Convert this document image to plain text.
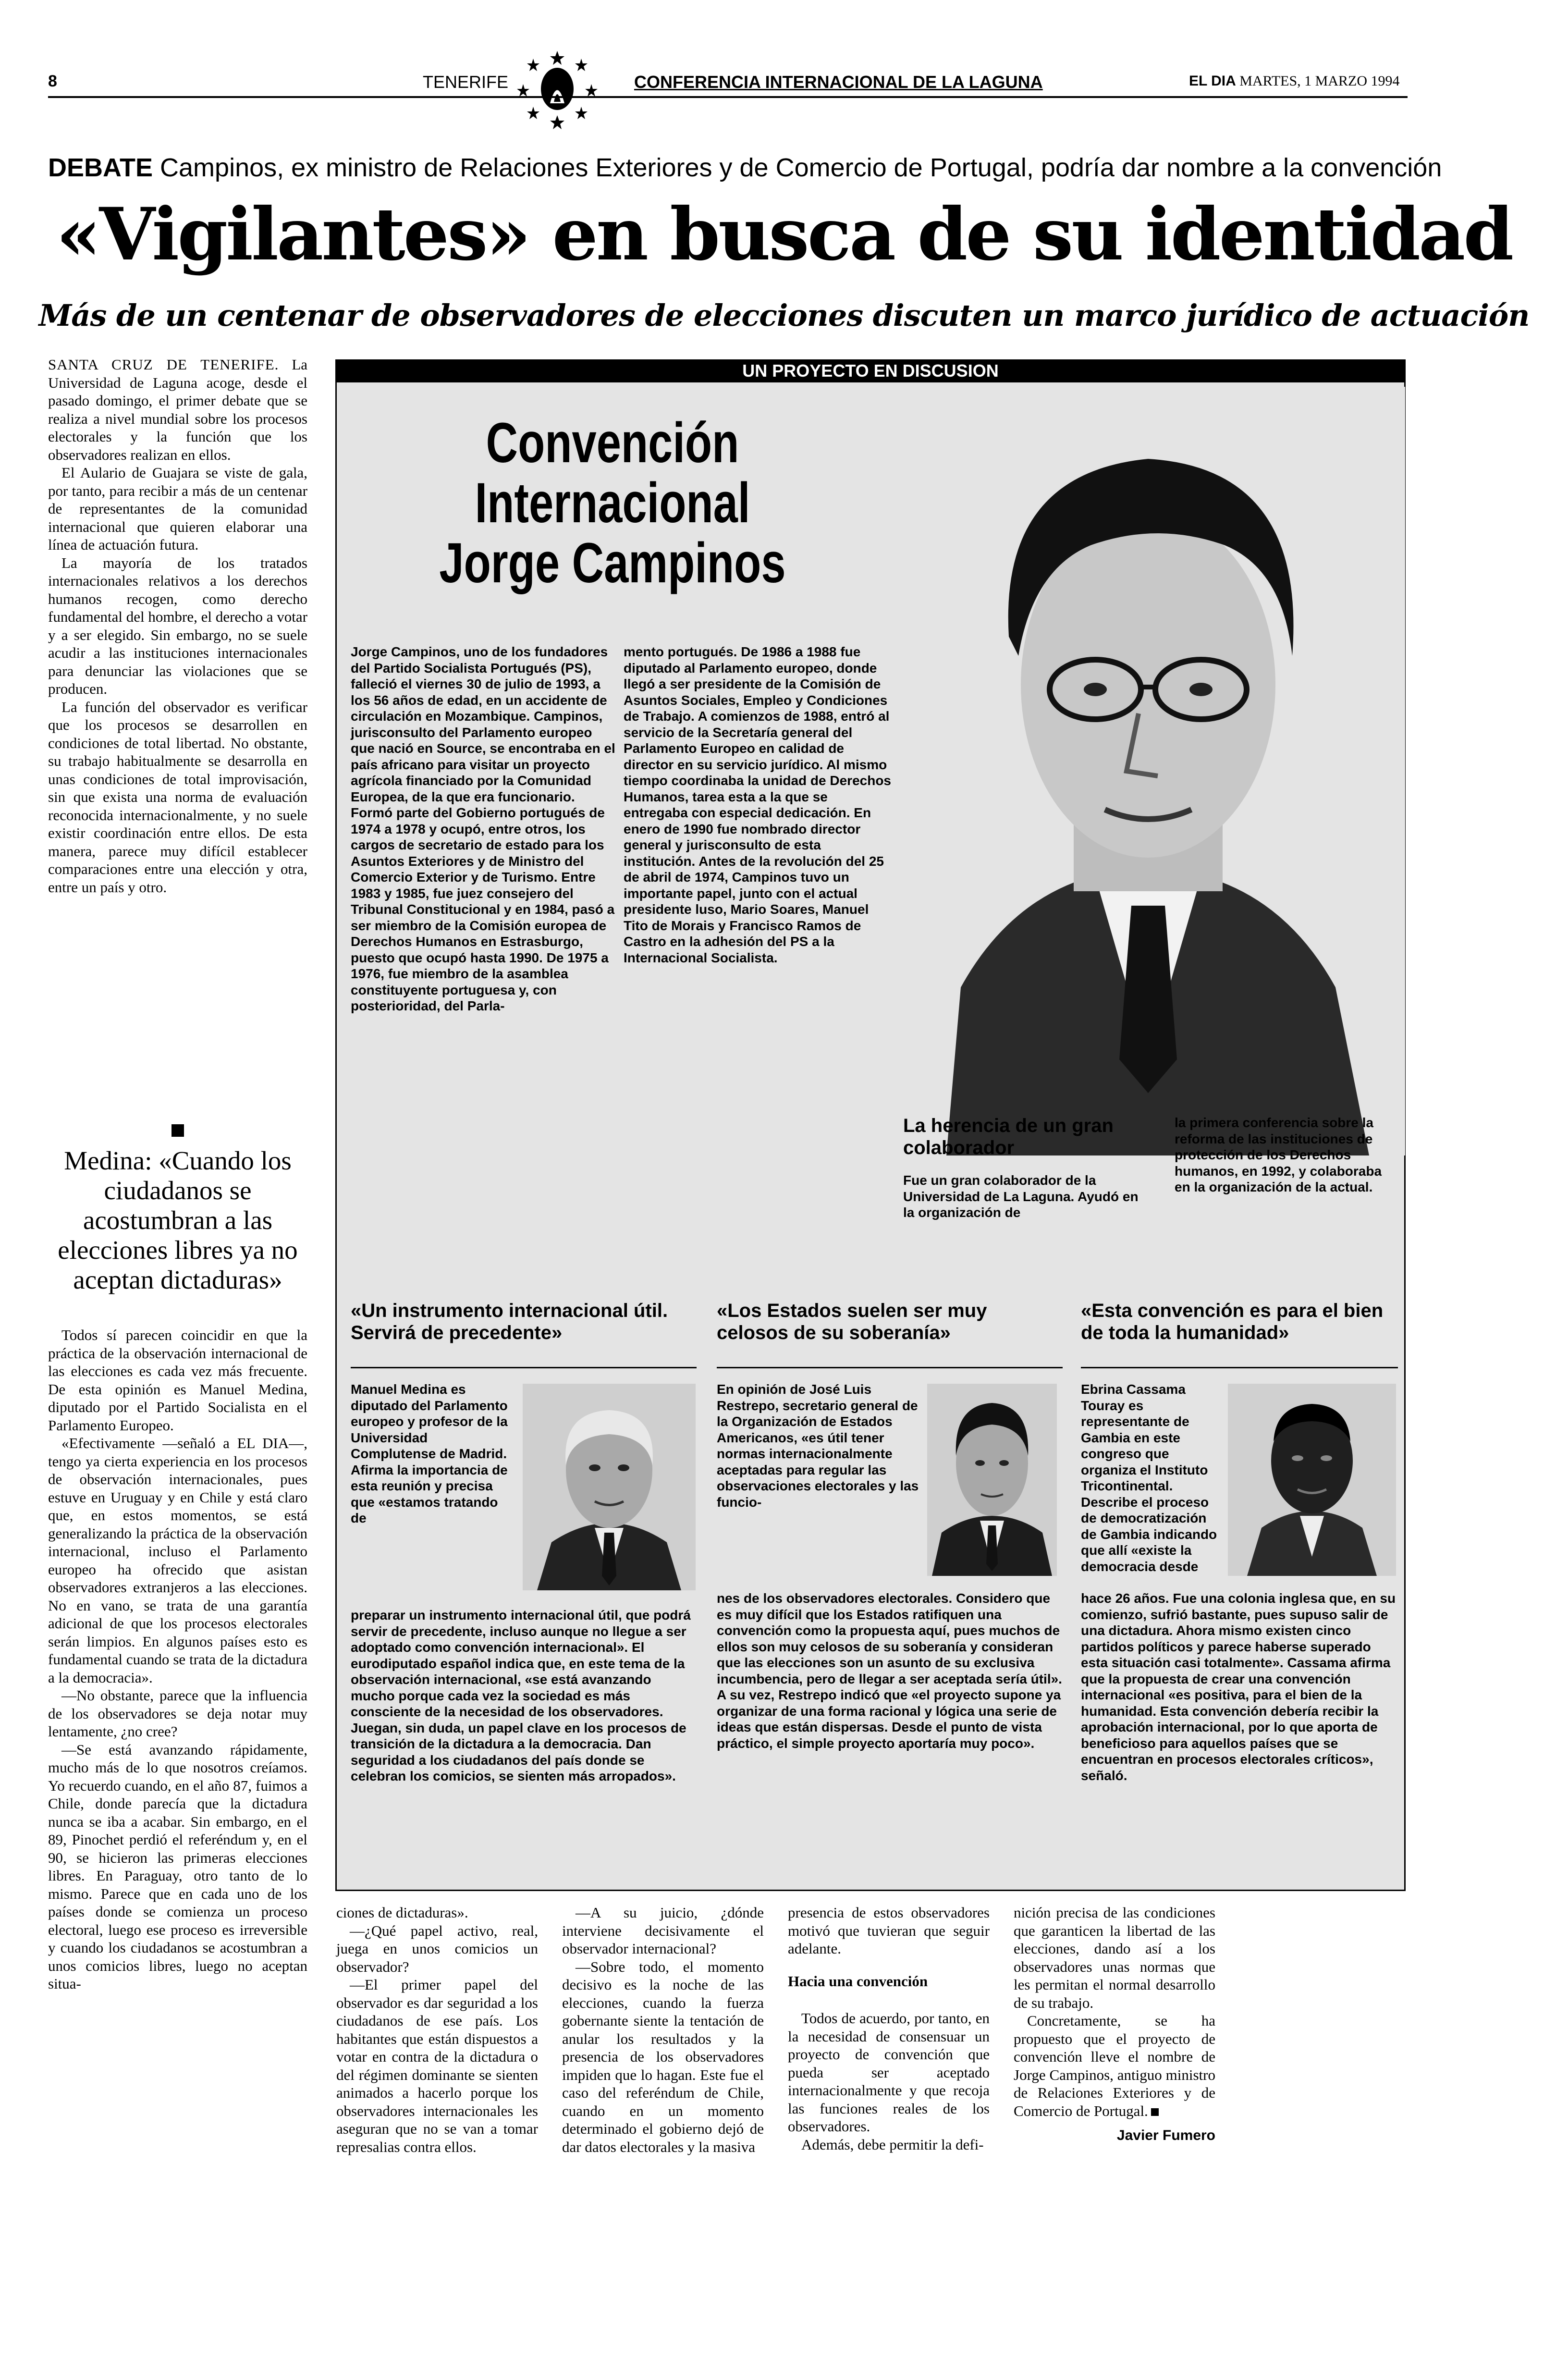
8	TENERIFE	CONFERENCIA INTERNACIONAL DE LA LAGUNA	EL DIA MARTES, 1 MARZO 1994
DEBATE Campinos, ex ministro de Relaciones Exteriores y de Comercio de Portugal, podría dar nombre a la convención
«Vigilantes» en busca de su identidad
Más de un centenar de observadores de elecciones discuten un marco jurídico de actuación

SANTA CRUZ DE TENERIFE. La Universidad de Laguna acoge, desde el pasado domingo, el primer debate que se realiza a nivel mundial sobre los procesos electorales y la función que los observadores realizan en ellos.

El Aulario de Guajara se viste de gala, por tanto, para recibir a más de un centenar de representantes de la comunidad internacional que quieren elaborar una línea de actuación futura.

La mayoría de los tratados internacionales relativos a los derechos humanos recogen, como derecho fundamental del hombre, el derecho a votar y a ser elegido. Sin embargo, no se suele acudir a las instituciones internacionales para denunciar las violaciones que se producen.

La función del observador es verificar que los procesos se desarrollen en condiciones de total libertad. No obstante, su trabajo habitualmente se desarrolla en unas condiciones de total improvisación, sin que exista una norma de evaluación reconocida internacionalmente, y no suele existir coordinación entre ellos. De esta manera, parece muy difícil establecer comparaciones entre una elección y otra, entre un país y otro.

Medina: «Cuando los ciudadanos se acostumbran a las elecciones libres ya no aceptan dictaduras»

Todos sí parecen coincidir en que la práctica de la observación internacional de las elecciones es cada vez más frecuente. De esta opinión es Manuel Medina, diputado por el Partido Socialista en el Parlamento Europeo.

«Efectivamente —señaló a EL DIA—, tengo ya cierta experiencia en los procesos de observación internacionales, pues estuve en Uruguay y en Chile y está claro que, en estos momentos, se está generalizando la práctica de la observación internacional, incluso el Parlamento europeo ha ofrecido que asistan observadores extranjeros a las elecciones. No en vano, se trata de una garantía adicional de que los procesos electorales serán limpios. En algunos países esto es fundamental cuando se trata de la dictadura a la democracia».

—No obstante, parece que la influencia de los observadores se deja notar muy lentamente, ¿no cree?

—Se está avanzando rápidamente, mucho más de lo que nosotros creíamos. Yo recuerdo cuando, en el año 87, fuimos a Chile, donde parecía que la dictadura nunca se iba a acabar. Sin embargo, en el 89, Pinochet perdió el referéndum y, en el 90, se hicieron las primeras elecciones libres. En Paraguay, otro tanto de lo mismo. Parece que en cada uno de los países donde se comienza un proceso electoral, luego ese proceso es irreversible y cuando los ciudadanos se acostumbran a unos comicios libres, luego no aceptan situa-

UN PROYECTO EN DISCUSION
Convención
Internacional
Jorge Campinos
Jorge Campinos, uno de los fundadores del Partido Socialista Portugués (PS), falleció el viernes 30 de julio de 1993, a los 56 años de edad, en un accidente de circulación en Mozambique. Campinos, jurisconsulto del Parlamento europeo que nació en Source, se encontraba en el país africano para visitar un proyecto agrícola financiado por la Comunidad Europea, de la que era funcionario. Formó parte del Gobierno portugués de 1974 a 1978 y ocupó, entre otros, los cargos de secretario de estado para los Asuntos Exteriores y de Ministro del Comercio Exterior y de Turismo. Entre 1983 y 1985, fue juez consejero del Tribunal Constitucional y en 1984, pasó a ser miembro de la Comisión europea de Derechos Humanos en Estrasburgo, puesto que ocupó hasta 1990. De 1975 a 1976, fue miembro de la asamblea constituyente portuguesa y, con posterioridad, del Parla-
mento portugués. De 1986 a 1988 fue diputado al Parlamento europeo, donde llegó a ser presidente de la Comisión de Asuntos Sociales, Empleo y Condiciones de Trabajo. A comienzos de 1988, entró al servicio de la Secretaría general del Parlamento Europeo en calidad de director en su servicio jurídico. Al mismo tiempo coordinaba la unidad de Derechos Humanos, tarea esta a la que se entregaba con especial dedicación. En enero de 1990 fue nombrado director general y jurisconsulto de esta institución. Antes de la revolución del 25 de abril de 1974, Campinos tuvo un importante papel, junto con el actual presidente luso, Mario Soares, Manuel Tito de Morais y Francisco Ramos de Castro en la adhesión del PS a la Internacional Socialista.
La herencia de un gran colaborador
Fue un gran colaborador de la Universidad de La Laguna. Ayudó en la organización de
la primera conferencia sobre la reforma de las instituciones de protección de los Derechos humanos, en 1992, y colaboraba en la organización de la actual.
«Un instrumento internacional útil. Servirá de precedente»
Manuel Medina es diputado del Parlamento europeo y profesor de la Universidad Complutense de Madrid. Afirma la importancia de esta reunión y precisa que «estamos tratando de
preparar un instrumento internacional útil, que podrá servir de precedente, incluso aunque no llegue a ser adoptado como convención internacional». El eurodiputado español indica que, en este tema de la observación internacional, «se está avanzando mucho porque cada vez la sociedad es más consciente de la necesidad de los observadores. Juegan, sin duda, un papel clave en los procesos de transición de la dictadura a la democracia. Dan seguridad a los ciudadanos del país donde se celebran los comicios, se sienten más arropados».
«Los Estados suelen ser muy celosos de su soberanía»
En opinión de José Luis Restrepo, secretario general de la Organización de Estados Americanos, «es útil tener normas internacionalmente aceptadas para regular las observaciones electorales y las funcio-
nes de los observadores electorales. Considero que es muy difícil que los Estados ratifiquen una convención como la propuesta aquí, pues muchos de ellos son muy celosos de su soberanía y consideran que las elecciones son un asunto de su exclusiva incumbencia, pero de llegar a ser aceptada sería útil». A su vez, Restrepo indicó que «el proyecto supone ya organizar de una forma racional y lógica una serie de ideas que están dispersas. Desde el punto de vista práctico, el simple proyecto aportaría muy poco».
«Esta convención es para el bien de toda la humanidad»
Ebrina Cassama Touray es representante de Gambia en este congreso que organiza el Instituto Tricontinental. Describe el proceso de democratización de Gambia indicando que allí «existe la democracia desde
hace 26 años. Fue una colonia inglesa que, en su comienzo, sufrió bastante, pues supuso salir de una dictadura. Ahora mismo existen cinco partidos políticos y parece haberse superado esta situación casi totalmente». Cassama afirma que la propuesta de crear una convención internacional «es positiva, para el bien de la humanidad. Esta convención debería recibir la aprobación internacional, por lo que aporta de beneficioso para aquellos países que se encuentran en procesos electorales críticos», señaló.

ciones de dictaduras».

—¿Qué papel activo, real, juega en unos comicios un observador?

—El primer papel del observador es dar seguridad a los ciudadanos de ese país. Los habitantes que están dispuestos a votar en contra de la dictadura o del régimen dominante se sienten animados a hacerlo porque los observadores internacionales les aseguran que no se van a tomar represalias contra ellos.

—A su juicio, ¿dónde interviene decisivamente el observador internacional?

—Sobre todo, el momento decisivo es la noche de las elecciones, cuando la fuerza gobernante siente la tentación de anular los resultados y la presencia de los observadores impiden que lo hagan. Este fue el caso del referéndum de Chile, cuando en un momento determinado el gobierno dejó de dar datos electorales y la masiva

presencia de estos observadores motivó que tuvieran que seguir adelante.

Hacia una convención

Todos de acuerdo, por tanto, en la necesidad de consensuar un proyecto de convención que pueda ser aceptado internacionalmente y que recoja las funciones reales de los observadores.

Además, debe permitir la defi-

nición precisa de las condiciones que garanticen la libertad de las elecciones, dando así a los observadores unas normas que les permitan el normal desarrollo de su trabajo.

Concretamente, se ha propuesto que el proyecto de convención lleve el nombre de Jorge Campinos, antiguo ministro de Relaciones Exteriores y de Comercio de Portugal.

Javier Fumero
